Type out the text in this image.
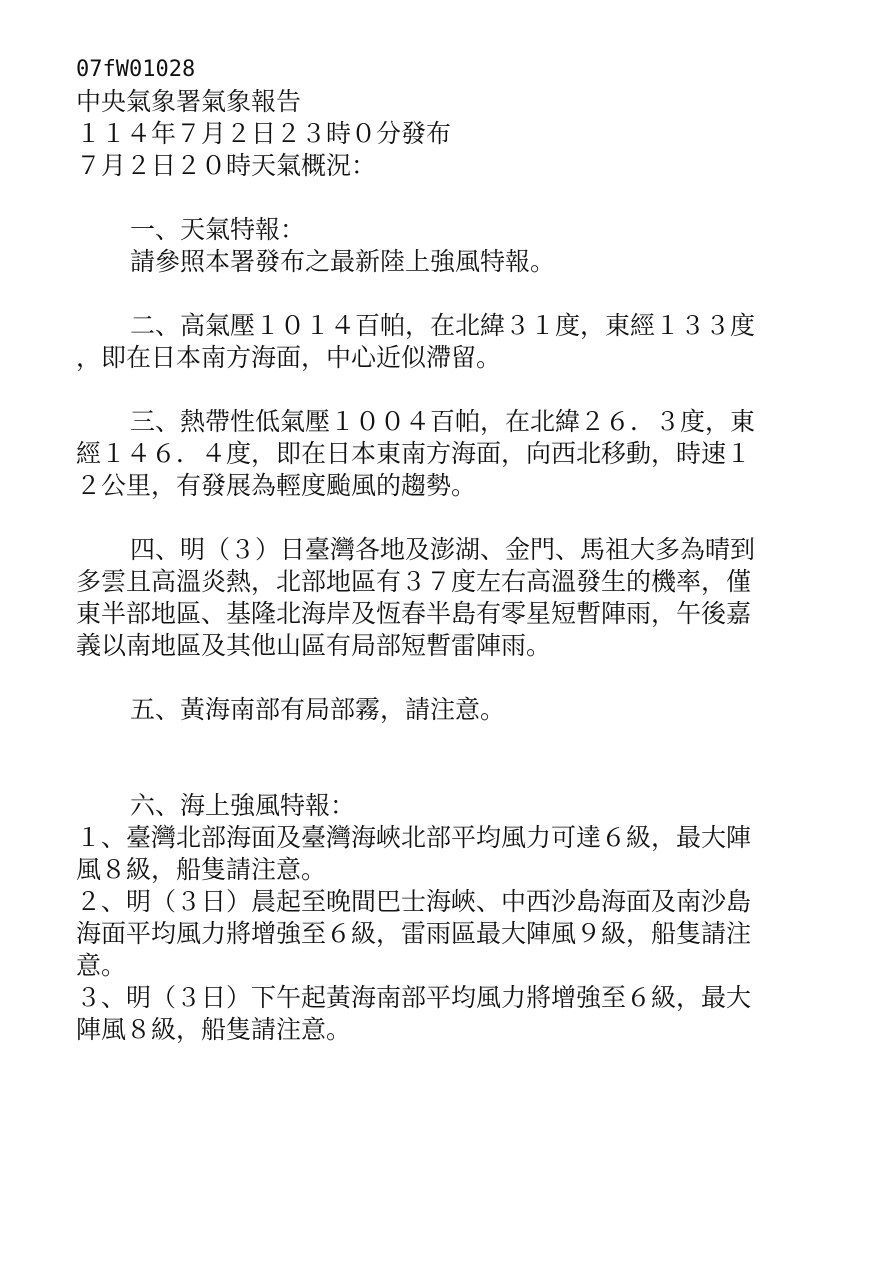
07fW01028
中央氣象署氣象報告
１１４年７月２日２３時０分發布
７月２日２０時天氣概況：
一、天氣特報：
請參照本署發布之最新陸上強風特報。
二、高氣壓１０１４百帕，在北緯３１度，東經１３３度
，即在日本南方海面，中心近似滯留。
三、熱帶性低氣壓１００４百帕，在北緯２６．３度，東
經１４６．４度，即在日本東南方海面，向西北移動，時速１
２公里，有發展為輕度颱風的趨勢。
四、明（３）日臺灣各地及澎湖、金門、馬祖大多為晴到
多雲且高溫炎熱，北部地區有３７度左右高溫發生的機率，僅
東半部地區、基隆北海岸及恆春半島有零星短暫陣雨，午後嘉
義以南地區及其他山區有局部短暫雷陣雨。
五、黃海南部有局部霧，請注意。
六、海上強風特報：
１、臺灣北部海面及臺灣海峽北部平均風力可達６級，最大陣
風８級，船隻請注意。
２、明（３日）晨起至晚間巴士海峽、中西沙島海面及南沙島
海面平均風力將增強至６級，雷雨區最大陣風９級，船隻請注
意。
３、明（３日）下午起黃海南部平均風力將增強至６級，最大
陣風８級，船隻請注意。
